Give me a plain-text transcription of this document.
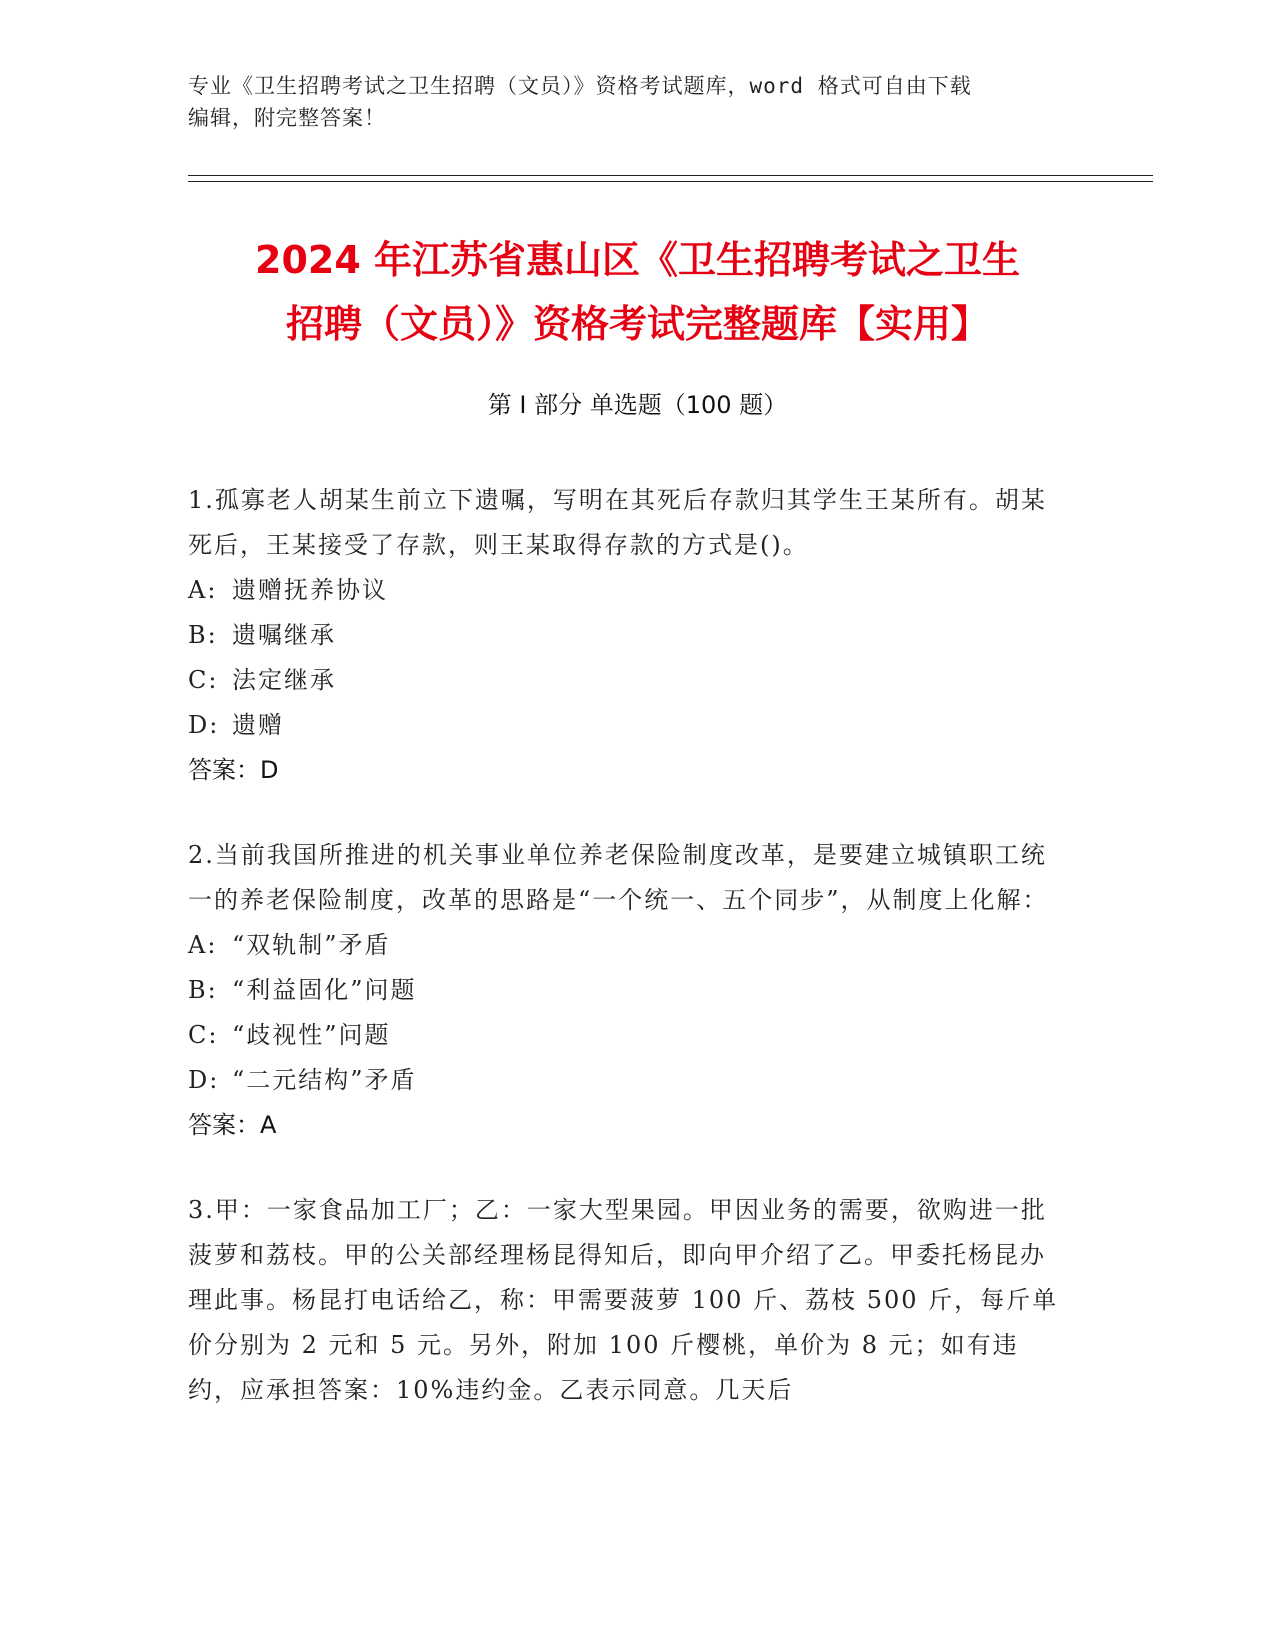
专业《卫生招聘考试之卫生招聘（文员）》资格考试题库，word 格式可自由下载
编辑，附完整答案！
2024 年江苏省惠山区《卫生招聘考试之卫生
招聘（文员）》资格考试完整题库【实用】
第 I 部分 单选题（100 题）
1.孤寡老人胡某生前立下遗嘱，写明在其死后存款归其学生王某所有。胡某死后，王某接受了存款，则王某取得存款的方式是()。
A: 遗赠抚养协议
B: 遗嘱继承
C: 法定继承
D: 遗赠
答案：D
2.当前我国所推进的机关事业单位养老保险制度改革，是要建立城镇职工统一的养老保险制度，改革的思路是“一个统一、五个同步”，从制度上化解：
A: “双轨制”矛盾
B: “利益固化”问题
C: “歧视性”问题
D: “二元结构”矛盾
答案：A
3.甲：一家食品加工厂；乙：一家大型果园。甲因业务的需要，欲购进一批菠萝和荔枝。甲的公关部经理杨昆得知后，即向甲介绍了乙。甲委托杨昆办理此事。杨昆打电话给乙，称：甲需要菠萝 100 斤、荔枝 500 斤，每斤单价分别为 2 元和 5 元。另外，附加 100 斤樱桃，单价为 8 元；如有违约，应承担答案：10%违约金。乙表示同意。几天后
